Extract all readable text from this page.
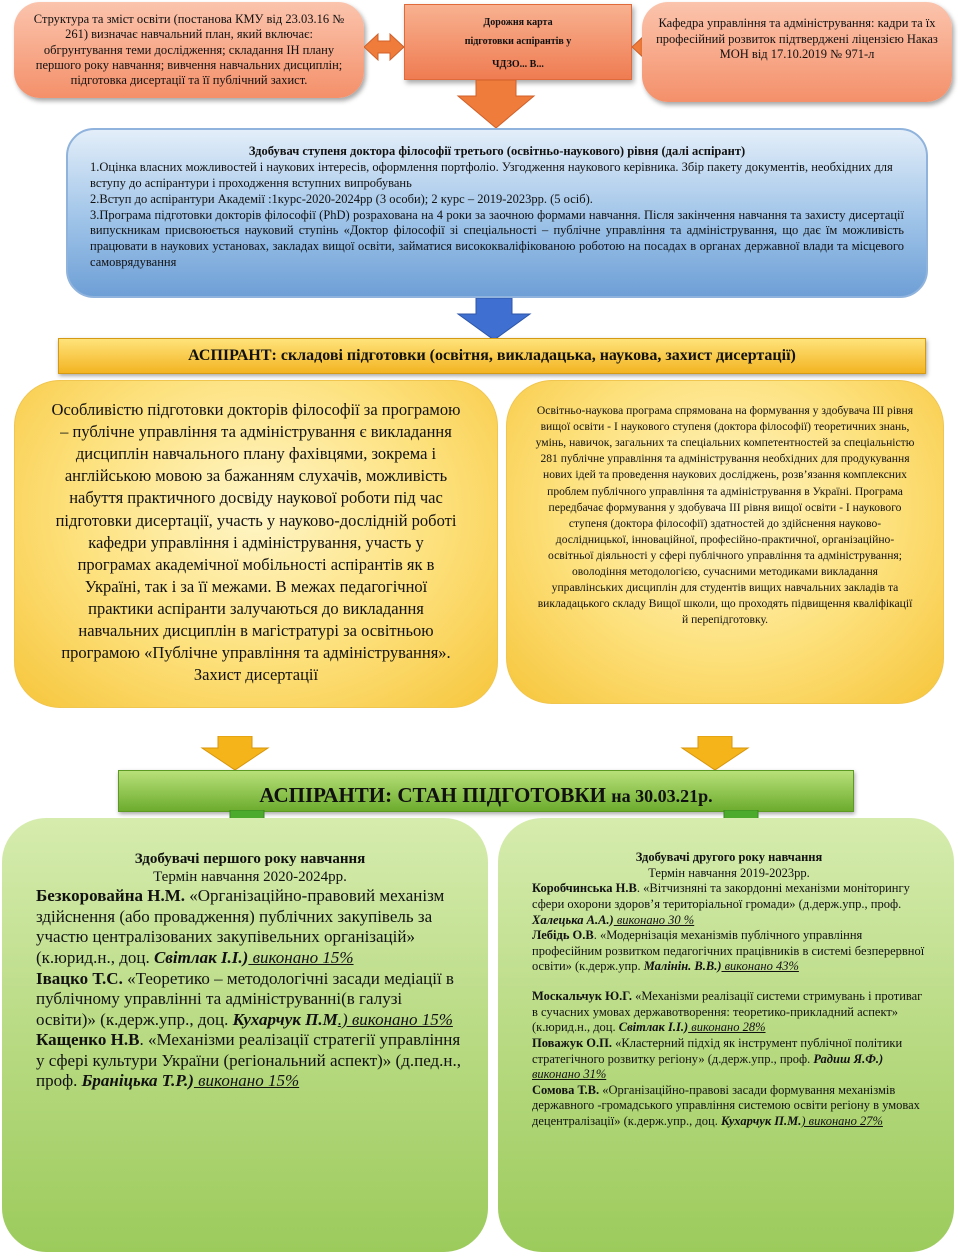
Структура та зміст освіти (постанова КМУ від 23.03.16 № 261) визначає навчальний план, який включає: обгрунтування теми дослідження; складання ІН плану першого року навчання; вивчення навчальних дисциплін; підготовка дисертації та її публічний захист.

Дорожня карта

підготовки аспірантів у

ЧДЗО... В...

Кафедра управління та адміністрування: кадри та їх професійний розвиток підтверджені ліцензією Наказ МОН від 17.10.2019 № 971-л

Здобувач ступеня доктора філософії третього (освітньо-наукового) рівня (далі аспірант)

1.Оцінка власних можливостей і наукових інтересів, оформлення портфоліо. Узгодження наукового керівника. Збір пакету документів, необхідних для вступу до аспірантури і проходження вступних випробувань

2.Вступ до аспірантури Академії :1курс-2020-2024рр (3 особи); 2 курс – 2019-2023рр. (5 осіб).

3.Програма підготовки докторів філософії (PhD) розрахована на 4 роки за заочною формами навчання. Після закінчення навчання та захисту дисертації випускникам присвоюється науковий ступінь «Доктор філософії зі спеціальності – публічне управління та адміністрування, що дає їм можливість працювати в наукових установах, закладах вищої освіти, займатися висококваліфікованою роботою на посадах в органах державної влади та місцевого самоврядування

АСПІРАНТ: складові підготовки (освітня, викладацька, наукова, захист дисертації)

Особливістю підготовки докторів філософії за програмою – публічне управління та адміністрування є викладання дисциплін навчального плану фахівцями, зокрема і англійською мовою за бажанням слухачів, можливість набуття практичного досвіду наукової роботи під час підготовки дисертації, участь у науково-дослідній роботі кафедри управління і адміністрування, участь у програмах академічної мобільності аспірантів як в Україні, так і за її межами. В межах педагогічної практики аспіранти залучаються до викладання навчальних дисциплін в магістратурі за освітньою програмою «Публічне управління та адміністрування». Захист дисертації

Освітньо-наукова програма спрямована на формування у здобувача ІІІ рівня вищої освіти - І наукового ступеня (доктора філософії) теоретичних знань, умінь, навичок, загальних та спеціальних компетентностей за спеціальністю 281 публічне управління та адміністрування необхідних для продукування нових ідей та проведення наукових досліджень, розв’язання комплексних проблем публічного управління та адміністрування в Україні. Програма передбачає формування у здобувача ІІІ рівня вищої освіти - І наукового ступеня (доктора філософії) здатностей до здійснення науково- дослідницької, інноваційної, професійно-практичної, організаційно-освітньої діяльності у сфері публічного управління та адміністрування; оволодіння методологією, сучасними методиками викладання управлінських дисциплін для студентів вищих навчальних закладів та викладацького складу Вищої школи, що проходять підвищення кваліфікації й перепідготовку.

АСПІРАНТИ: СТАН ПІДГОТОВКИ на 30.03.21р.

Здобувачі першого року навчання

Термін навчання 2020-2024рр.

Безкоровайна Н.М. «Організаційно-правовий механізм здійснення (або провадження) публічних закупівель за участю централізованих закупівельних організацій» (к.юрид.н., доц. Світлак І.І.) виконано 15%

Івацко Т.С. «Теоретико – методологічні засади медіації в публічному управлінні та адмініструванні(в галузі освіти)» (к.держ.упр., доц. Кухарчук П.М.) виконано 15%

Кащенко Н.В. «Механізми реалізації стратегії управління у сфері культури України (регіональний аспект)» (д.пед.н., проф. Браніцька Т.Р.) виконано 15%

Здобувачі другого року навчання

Термін навчання 2019-2023рр.

Коробчинська Н.В. «Вітчизняні та закордонні механізми моніторингу сфери охорони здоров’я територіальної громади» (д.держ.упр., проф. Халецька А.А.) виконано 30 %

Лебідь О.В. «Модернізація механізмів публічного управління професійним розвитком педагогічних працівників в системі безперервної освіти» (к.держ.упр. Малінін. В.В.) виконано 43%

Москальчук Ю.Г. «Механізми реалізації системи стримувань і противаг в сучасних умовах державотворення: теоретико-прикладний аспект» (к.юрид.н., доц. Світлак І.І.) виконано 28%

Поважук О.П. «Кластерний підхід як інструмент публічної політики стратегічного розвитку регіону» (д.держ.упр., проф. Радиш Я.Ф.) виконано 31%

Сомова Т.В. «Організаційно-правові засади формування механізмів державного -громадського управління системою освіти регіону в умовах децентралізації» (к.держ.упр., доц. Кухарчук П.М.) виконано 27%
